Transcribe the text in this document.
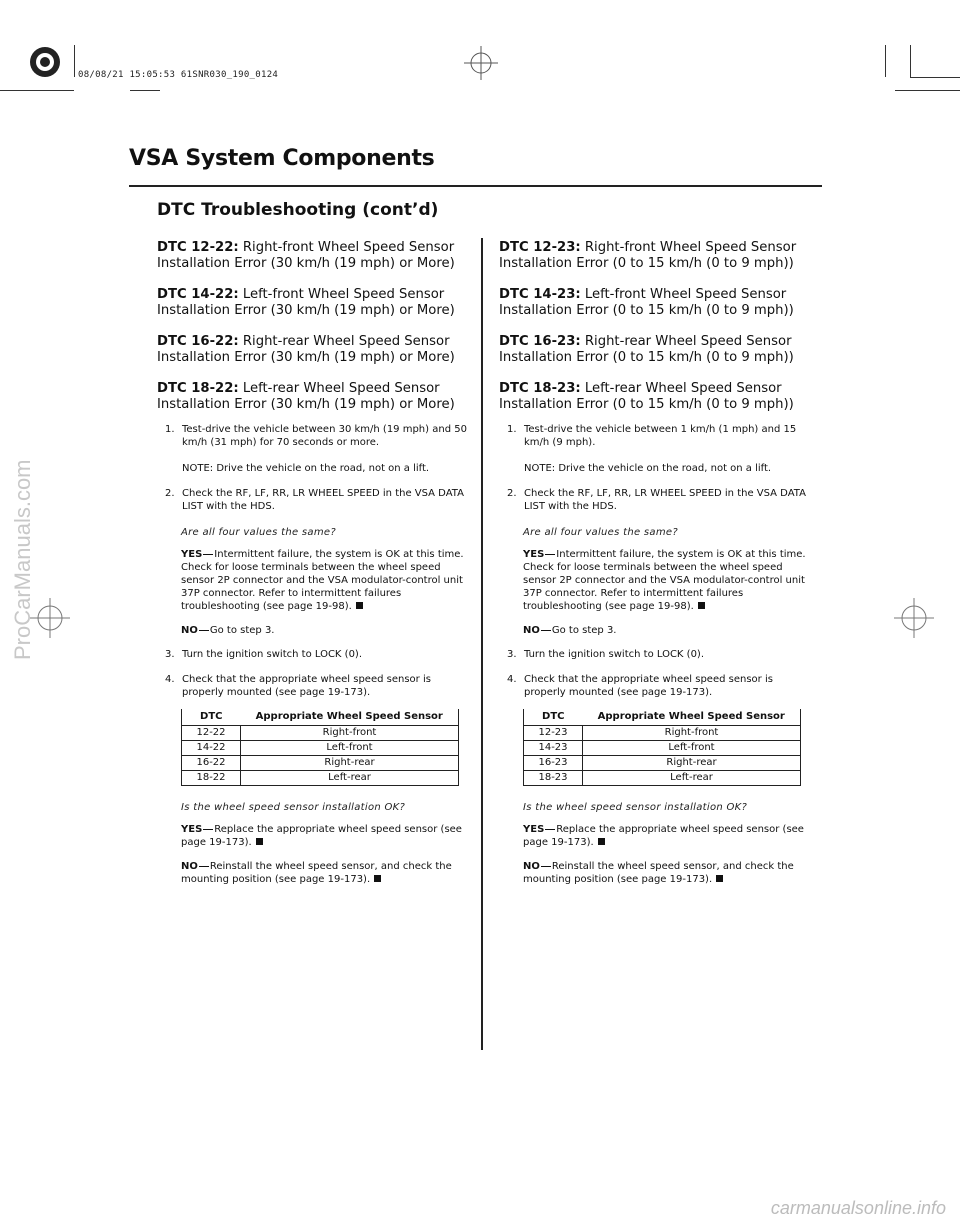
08/08/21 15:05:53 61SNR030_190_0124
ProCarManuals.com
carmanualsonline.info
VSA System Components
DTC Troubleshooting (cont’d)
DTC 12-22: Right-front Wheel Speed Sensor
Installation Error (30 km/h (19 mph) or More)
DTC 14-22: Left-front Wheel Speed Sensor
Installation Error (30 km/h (19 mph) or More)
DTC 16-22: Right-rear Wheel Speed Sensor
Installation Error (30 km/h (19 mph) or More)
DTC 18-22: Left-rear Wheel Speed Sensor
Installation Error (30 km/h (19 mph) or More)
1. Test-drive the vehicle between 30 km/h (19 mph) and 50 km/h (31 mph) for 70 seconds or more.
NOTE: Drive the vehicle on the road, not on a lift.
2. Check the RF, LF, RR, LR WHEEL SPEED in the VSA DATA LIST with the HDS.
Are all four values the same?
YES Intermittent failure, the system is OK at this time. Check for loose terminals between the wheel speed sensor 2P connector and the VSA modulator-control unit 37P connector. Refer to intermittent failures troubleshooting (see page 19-98).
NO Go to step 3.
3. Turn the ignition switch to LOCK (0).
4. Check that the appropriate wheel speed sensor is properly mounted (see page 19-173).
DTC	Appropriate Wheel Speed Sensor
12-22	Right-front
14-22	Left-front
16-22	Right-rear
18-22	Left-rear
Is the wheel speed sensor installation OK?
YES Replace the appropriate wheel speed sensor (see page 19-173).
NO Reinstall the wheel speed sensor, and check the mounting position (see page 19-173).
DTC 12-23: Right-front Wheel Speed Sensor
Installation Error (0 to 15 km/h (0 to 9 mph))
DTC 14-23: Left-front Wheel Speed Sensor
Installation Error (0 to 15 km/h (0 to 9 mph))
DTC 16-23: Right-rear Wheel Speed Sensor
Installation Error (0 to 15 km/h (0 to 9 mph))
DTC 18-23: Left-rear Wheel Speed Sensor
Installation Error (0 to 15 km/h (0 to 9 mph))
1. Test-drive the vehicle between 1 km/h (1 mph) and 15 km/h (9 mph).
NOTE: Drive the vehicle on the road, not on a lift.
2. Check the RF, LF, RR, LR WHEEL SPEED in the VSA DATA LIST with the HDS.
Are all four values the same?
YES Intermittent failure, the system is OK at this time. Check for loose terminals between the wheel speed sensor 2P connector and the VSA modulator-control unit 37P connector. Refer to intermittent failures troubleshooting (see page 19-98).
NO Go to step 3.
3. Turn the ignition switch to LOCK (0).
4. Check that the appropriate wheel speed sensor is properly mounted (see page 19-173).
DTC	Appropriate Wheel Speed Sensor
12-23	Right-front
14-23	Left-front
16-23	Right-rear
18-23	Left-rear
Is the wheel speed sensor installation OK?
YES Replace the appropriate wheel speed sensor (see page 19-173).
NO Reinstall the wheel speed sensor, and check the mounting position (see page 19-173).
